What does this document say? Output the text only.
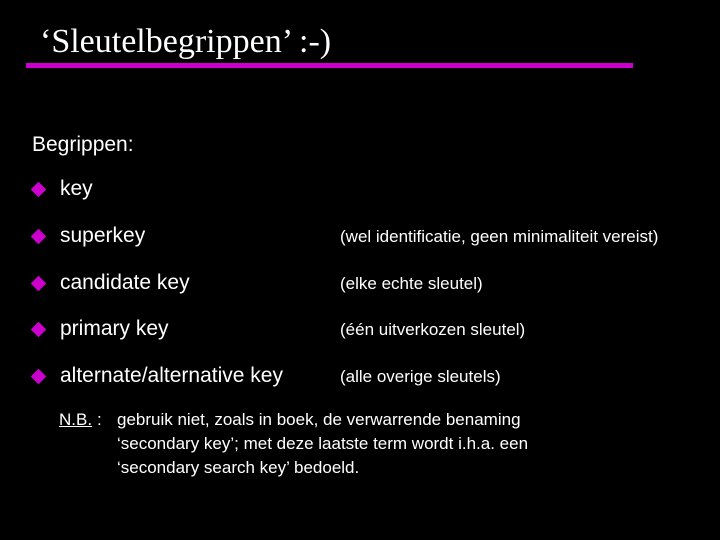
‘Sleutelbegrippen’ :-)
Begrippen:
key
superkey	(wel identificatie, geen minimaliteit vereist)
candidate key	(elke echte sleutel)
primary key	(één uitverkozen sleutel)
alternate/alternative key	(alle overige sleutels)
N.B. : gebruik niet, zoals in boek, de verwarrende benaming
‘secondary key’; met deze laatste term wordt i.h.a. een
‘secondary search key’ bedoeld.
